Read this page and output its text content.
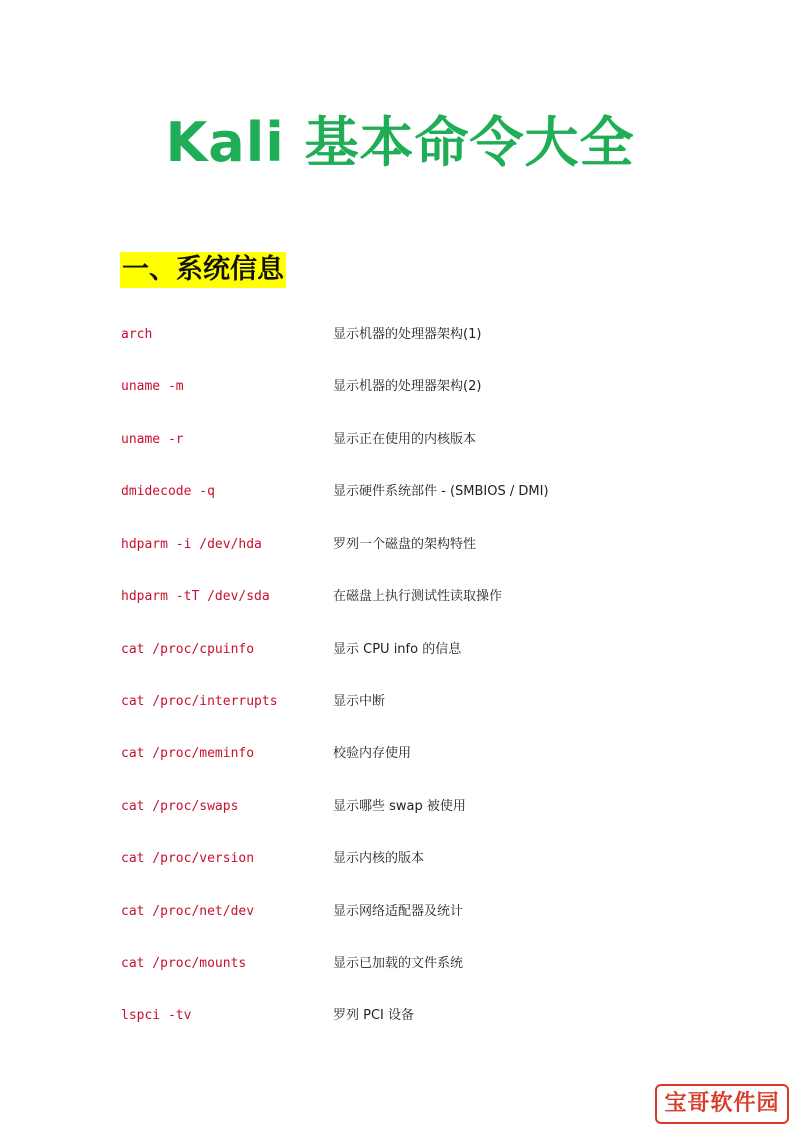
Kali 基本命令大全
一、系统信息
arch	显示机器的处理器架构(1)
uname -m	显示机器的处理器架构(2)
uname -r	显示正在使用的内核版本
dmidecode -q	显示硬件系统部件 - (SMBIOS / DMI)
hdparm -i /dev/hda	罗列一个磁盘的架构特性
hdparm -tT /dev/sda	在磁盘上执行测试性读取操作
cat /proc/cpuinfo	显示 CPU info 的信息
cat /proc/interrupts	显示中断
cat /proc/meminfo	校验内存使用
cat /proc/swaps	显示哪些 swap 被使用
cat /proc/version	显示内核的版本
cat /proc/net/dev	显示网络适配器及统计
cat /proc/mounts	显示已加载的文件系统
lspci -tv	罗列 PCI 设备
宝哥软件园
